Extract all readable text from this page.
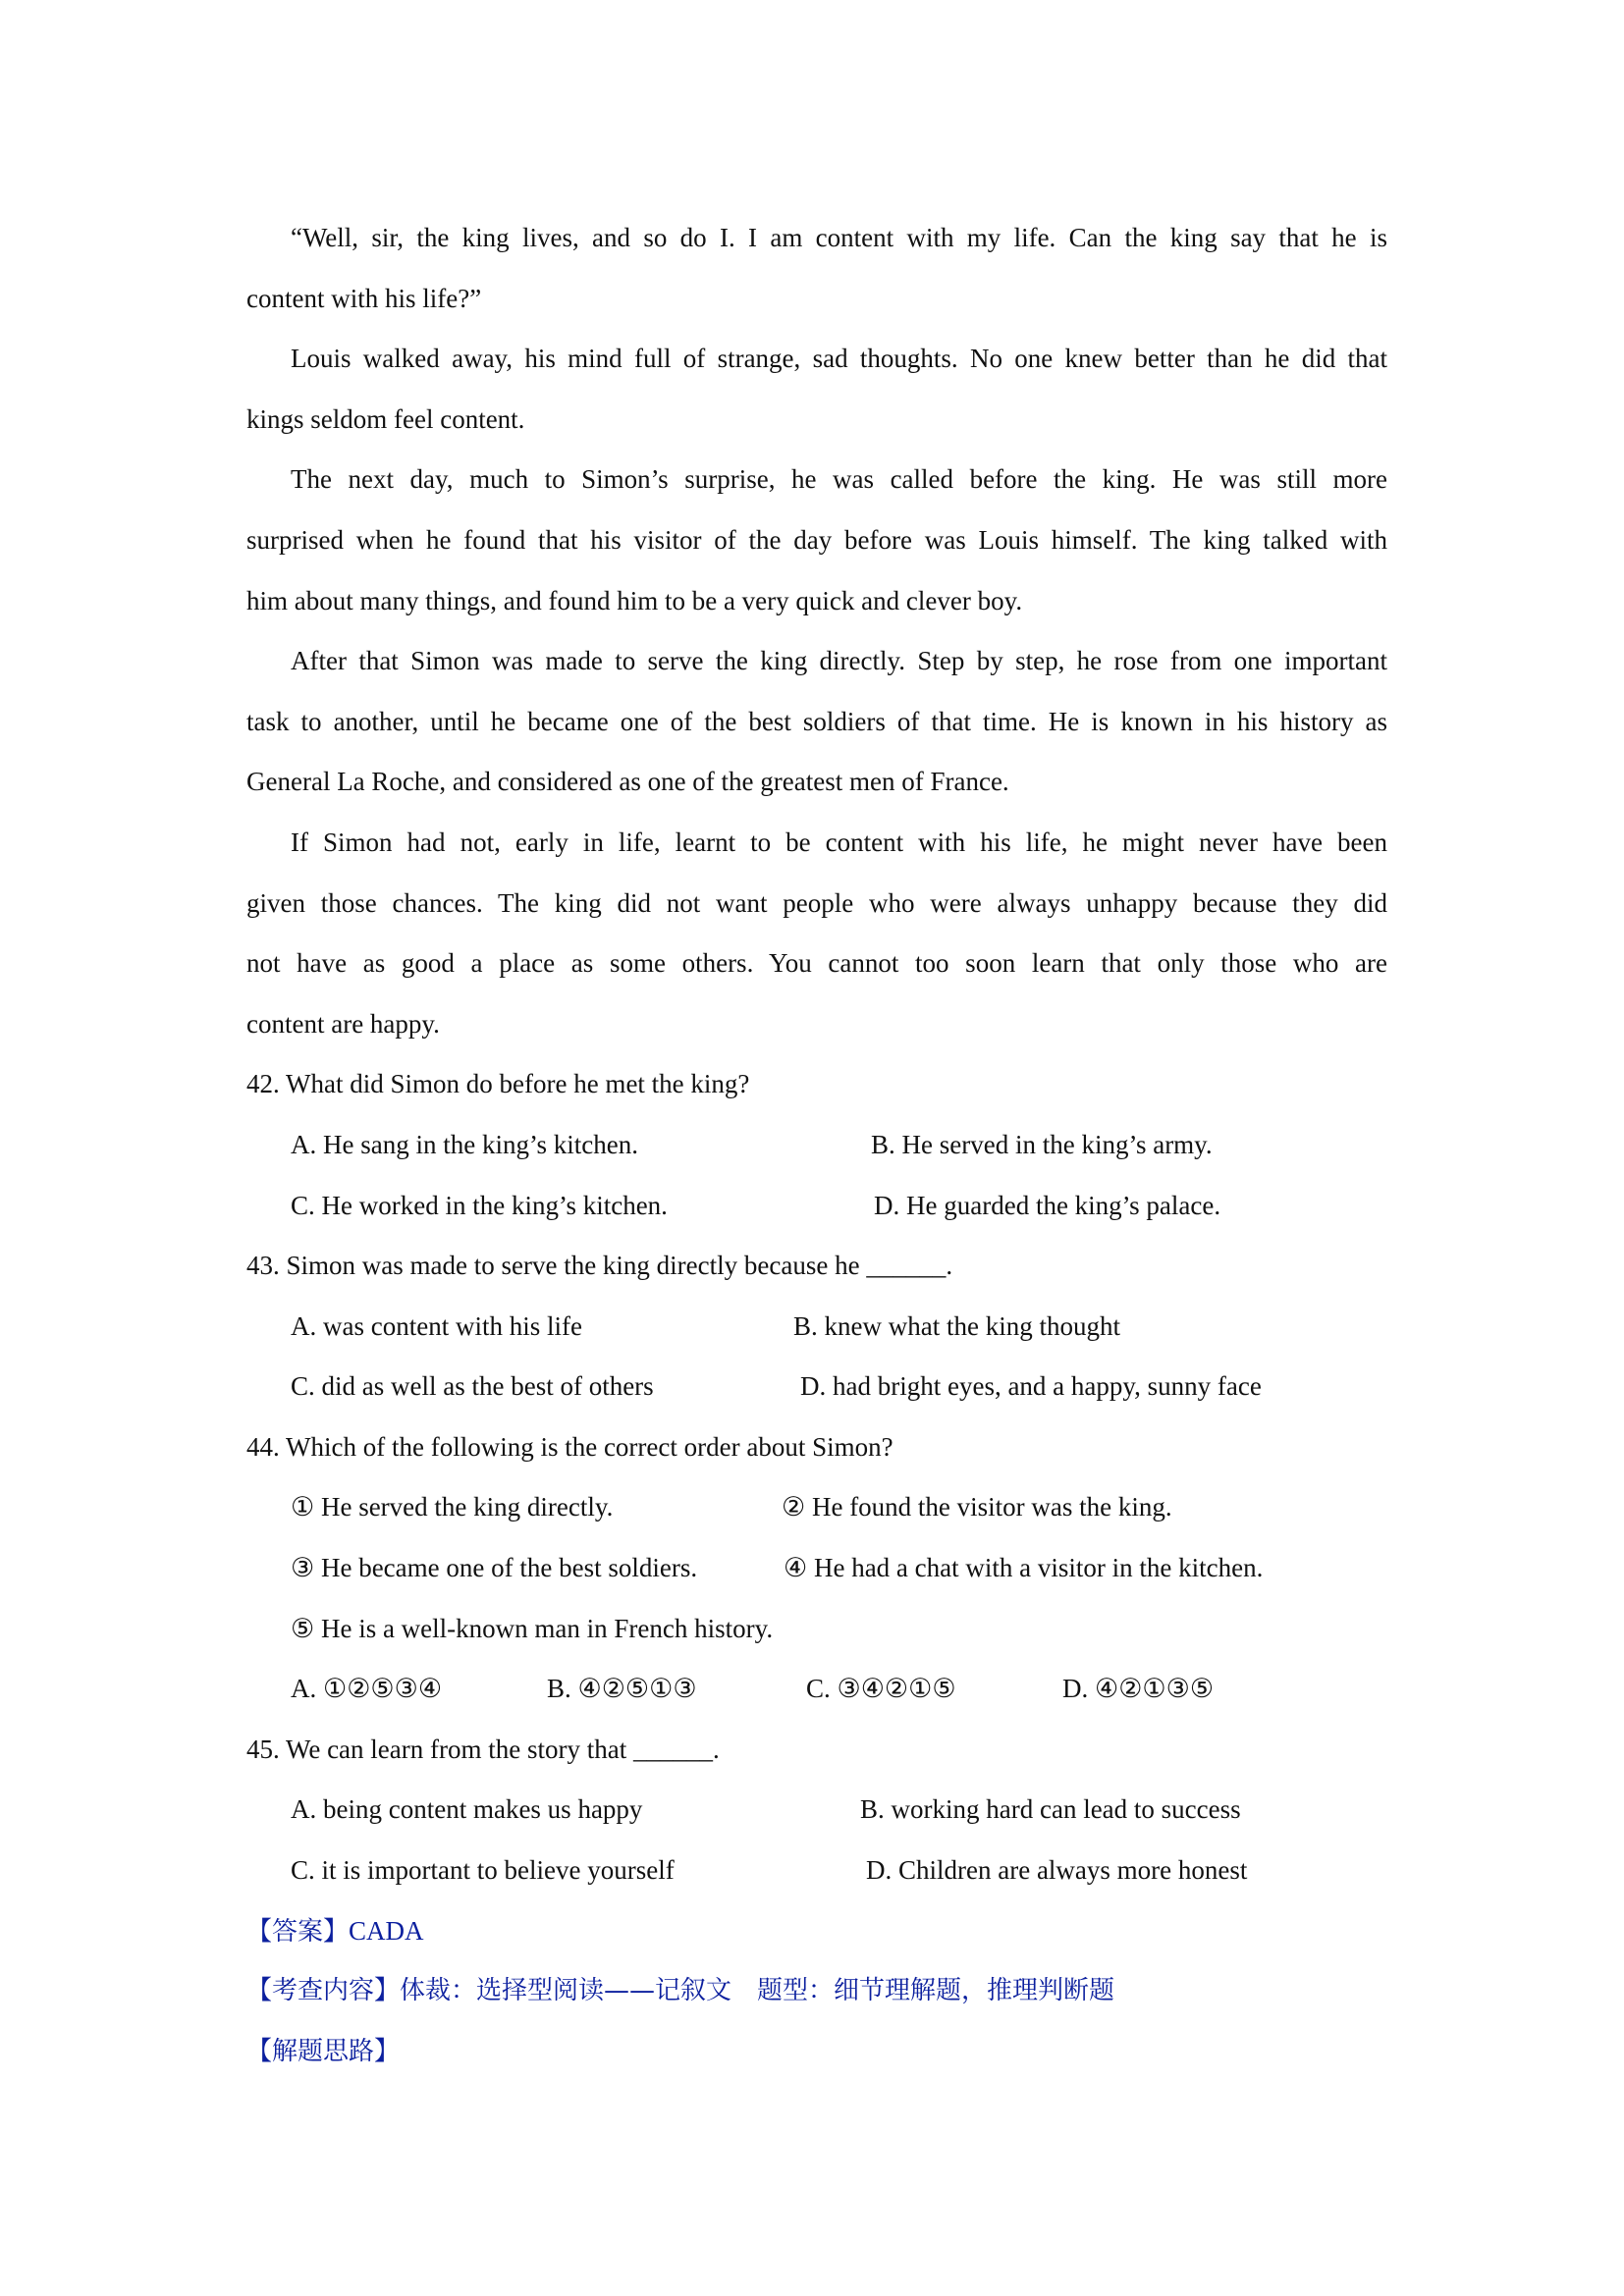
“Well, sir, the king lives, and so do I. I am content with my life. Can the king say that he is
content with his life?”
Louis walked away, his mind full of strange, sad thoughts. No one knew better than he did that
kings seldom feel content.
The next day, much to Simon’s surprise, he was called before the king. He was still more
surprised when he found that his visitor of the day before was Louis himself. The king talked with
him about many things, and found him to be a very quick and clever boy.
After that Simon was made to serve the king directly. Step by step, he rose from one important
task to another, until he became one of the best soldiers of that time. He is known in his history as
General La Roche, and considered as one of the greatest men of France.
If Simon had not, early in life, learnt to be content with his life, he might never have been
given those chances. The king did not want people who were always unhappy because they did
not have as good a place as some others. You cannot too soon learn that only those who are
content are happy.
42. What did Simon do before he met the king?
A. He sang in the king’s kitchen.	B. He served in the king’s army.
C. He worked in the king’s kitchen.	D. He guarded the king’s palace.
43. Simon was made to serve the king directly because he ______.
A. was content with his life	B. knew what the king thought
C. did as well as the best of others	D. had bright eyes, and a happy, sunny face
44. Which of the following is the correct order about Simon?
① He served the king directly.	② He found the visitor was the king.
③ He became one of the best soldiers.	④ He had a chat with a visitor in the kitchen.
⑤ He is a well-known man in French history.
A. ①②⑤③④	B. ④②⑤①③	C. ③④②①⑤	D. ④②①③⑤
45. We can learn from the story that ______.
A. being content makes us happy	B. working hard can lead to success
C. it is important to believe yourself	D. Children are always more honest
【答案】CADA
【考查内容】体裁：选择型阅读——记叙文　题型：细节理解题，推理判断题
【解题思路】
